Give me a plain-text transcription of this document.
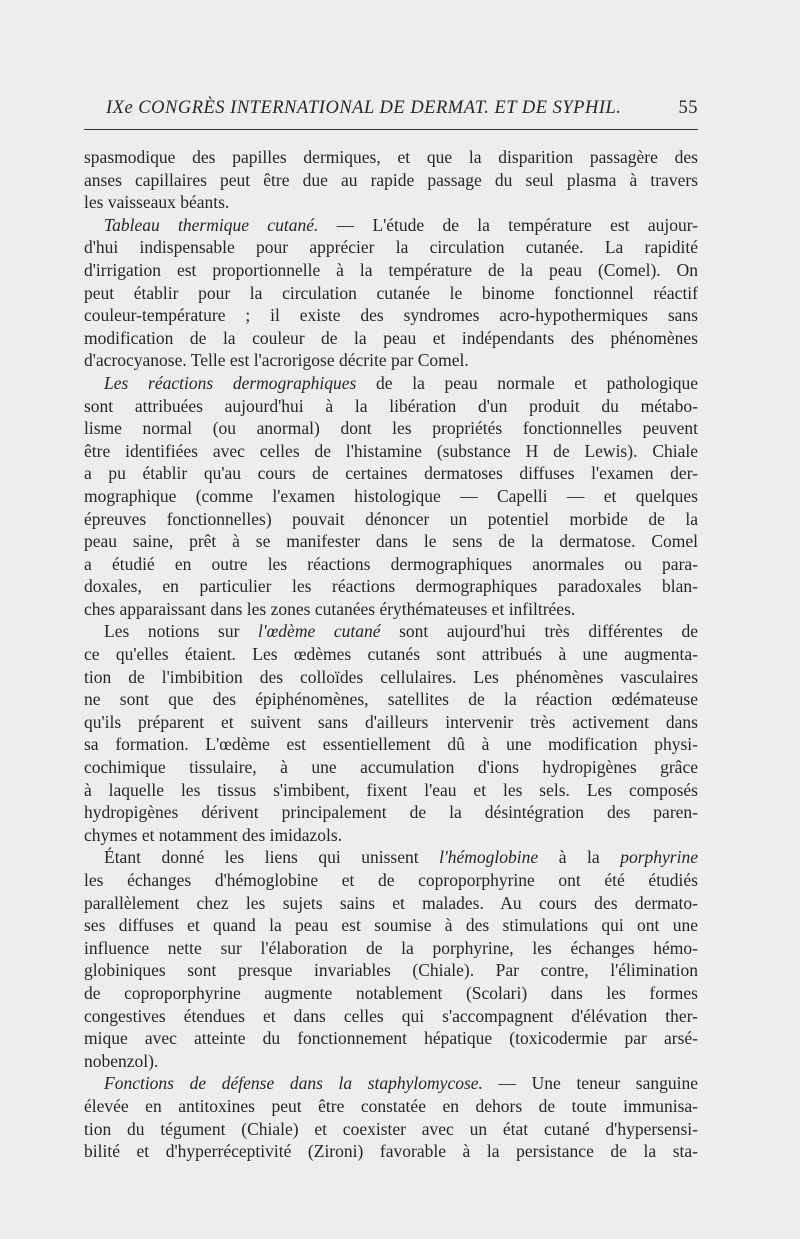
IXe CONGRÈS INTERNATIONAL DE DERMAT. ET DE SYPHIL.	55

spasmodique des papilles dermiques, et que la disparition passagère des
anses capillaires peut être due au rapide passage du seul plasma à travers
les vaisseaux béants.

Tableau thermique cutané. — L'étude de la température est aujour-
d'hui indispensable pour apprécier la circulation cutanée. La rapidité
d'irrigation est proportionnelle à la température de la peau (Comel). On
peut établir pour la circulation cutanée le binome fonctionnel réactif
couleur-température ; il existe des syndromes acro-hypothermiques sans
modification de la couleur de la peau et indépendants des phénomènes
d'acrocyanose. Telle est l'acrorigose décrite par Comel.

Les réactions dermographiques de la peau normale et pathologique
sont attribuées aujourd'hui à la libération d'un produit du métabo-
lisme normal (ou anormal) dont les propriétés fonctionnelles peuvent
être identifiées avec celles de l'histamine (substance H de Lewis). Chiale
a pu établir qu'au cours de certaines dermatoses diffuses l'examen der-
mographique (comme l'examen histologique — Capelli — et quelques
épreuves fonctionnelles) pouvait dénoncer un potentiel morbide de la
peau saine, prêt à se manifester dans le sens de la dermatose. Comel
a étudié en outre les réactions dermographiques anormales ou para-
doxales, en particulier les réactions dermographiques paradoxales blan-
ches apparaissant dans les zones cutanées érythémateuses et infiltrées.

Les notions sur l'œdème cutané sont aujourd'hui très différentes de
ce qu'elles étaient. Les œdèmes cutanés sont attribués à une augmenta-
tion de l'imbibition des colloïdes cellulaires. Les phénomènes vasculaires
ne sont que des épiphénomènes, satellites de la réaction œdémateuse
qu'ils préparent et suivent sans d'ailleurs intervenir très activement dans
sa formation. L'œdème est essentiellement dû à une modification physi-
cochimique tissulaire, à une accumulation d'ions hydropigènes grâce
à laquelle les tissus s'imbibent, fixent l'eau et les sels. Les composés
hydropigènes dérivent principalement de la désintégration des paren-
chymes et notamment des imidazols.

Étant donné les liens qui unissent l'hémoglobine à la porphyrine
les échanges d'hémoglobine et de coproporphyrine ont été étudiés
parallèlement chez les sujets sains et malades. Au cours des dermato-
ses diffuses et quand la peau est soumise à des stimulations qui ont une
influence nette sur l'élaboration de la porphyrine, les échanges hémo-
globiniques sont presque invariables (Chiale). Par contre, l'élimination
de coproporphyrine augmente notablement (Scolari) dans les formes
congestives étendues et dans celles qui s'accompagnent d'élévation ther-
mique avec atteinte du fonctionnement hépatique (toxicodermie par arsé-
nobenzol).

Fonctions de défense dans la staphylomycose. — Une teneur sanguine
élevée en antitoxines peut être constatée en dehors de toute immunisa-
tion du tégument (Chiale) et coexister avec un état cutané d'hypersensi-
bilité et d'hyperréceptivité (Zironi) favorable à la persistance de la sta-
